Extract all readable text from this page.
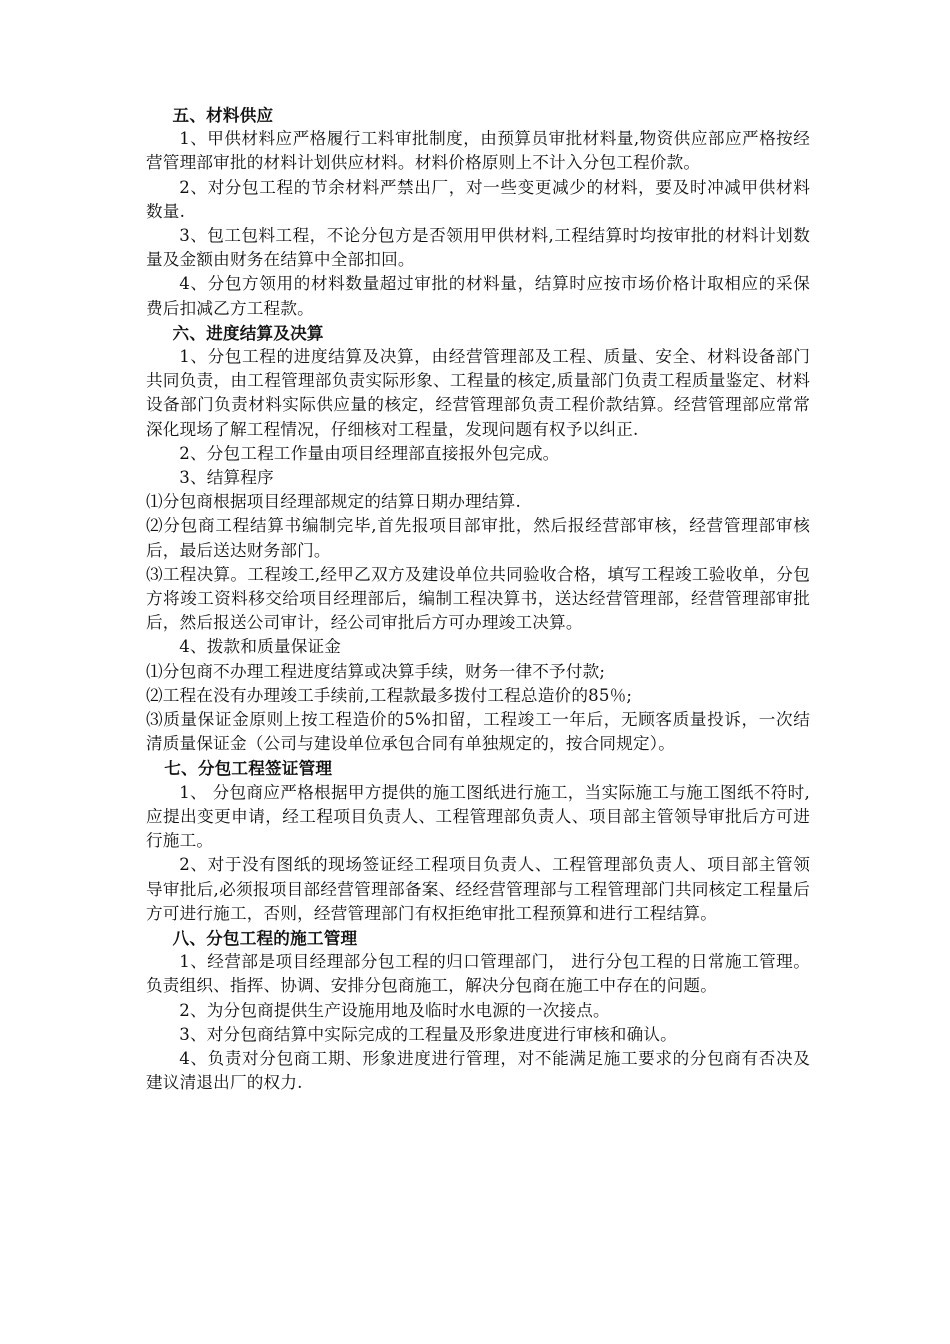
五、材料供应

1、甲供材料应严格履行工料审批制度，由预算员审批材料量,物资供应部应严格按经营管理部审批的材料计划供应材料。材料价格原则上不计入分包工程价款。

2、对分包工程的节余材料严禁出厂，对一些变更减少的材料，要及时冲减甲供材料数量.

3、包工包料工程，不论分包方是否领用甲供材料,工程结算时均按审批的材料计划数量及金额由财务在结算中全部扣回。

4、分包方领用的材料数量超过审批的材料量，结算时应按市场价格计取相应的采保费后扣减乙方工程款。

六、进度结算及决算

1、分包工程的进度结算及决算，由经营管理部及工程、质量、安全、材料设备部门共同负责，由工程管理部负责实际形象、工程量的核定,质量部门负责工程质量鉴定、材料设备部门负责材料实际供应量的核定，经营管理部负责工程价款结算。经营管理部应常常深化现场了解工程情况，仔细核对工程量，发现问题有权予以纠正.

2、分包工程工作量由项目经理部直接报外包完成。

3、结算程序

⑴分包商根据项目经理部规定的结算日期办理结算.

⑵分包商工程结算书编制完毕,首先报项目部审批，然后报经营部审核，经营管理部审核后，最后送达财务部门。

⑶工程决算。工程竣工,经甲乙双方及建设单位共同验收合格，填写工程竣工验收单，分包方将竣工资料移交给项目经理部后，编制工程决算书，送达经营管理部，经营管理部审批后，然后报送公司审计，经公司审批后方可办理竣工决算。

4、拨款和质量保证金

⑴分包商不办理工程进度结算或决算手续，财务一律不予付款;

⑵工程在没有办理竣工手续前,工程款最多拨付工程总造价的85％;

⑶质量保证金原则上按工程造价的5%扣留，工程竣工一年后，无顾客质量投诉，一次结清质量保证金（公司与建设单位承包合同有单独规定的，按合同规定）。

七、分包工程签证管理

1、 分包商应严格根据甲方提供的施工图纸进行施工，当实际施工与施工图纸不符时,应提出变更申请，经工程项目负责人、工程管理部负责人、项目部主管领导审批后方可进行施工。

2、对于没有图纸的现场签证经工程项目负责人、工程管理部负责人、项目部主管领导审批后,必须报项目部经营管理部备案、经经营管理部与工程管理部门共同核定工程量后方可进行施工，否则，经营管理部门有权拒绝审批工程预算和进行工程结算。

八、分包工程的施工管理

1、经营部是项目经理部分包工程的归口管理部门， 进行分包工程的日常施工管理。负责组织、指挥、协调、安排分包商施工，解决分包商在施工中存在的问题。

2、为分包商提供生产设施用地及临时水电源的一次接点。

3、对分包商结算中实际完成的工程量及形象进度进行审核和确认。

4、负责对分包商工期、形象进度进行管理，对不能满足施工要求的分包商有否决及建议清退出厂的权力.
